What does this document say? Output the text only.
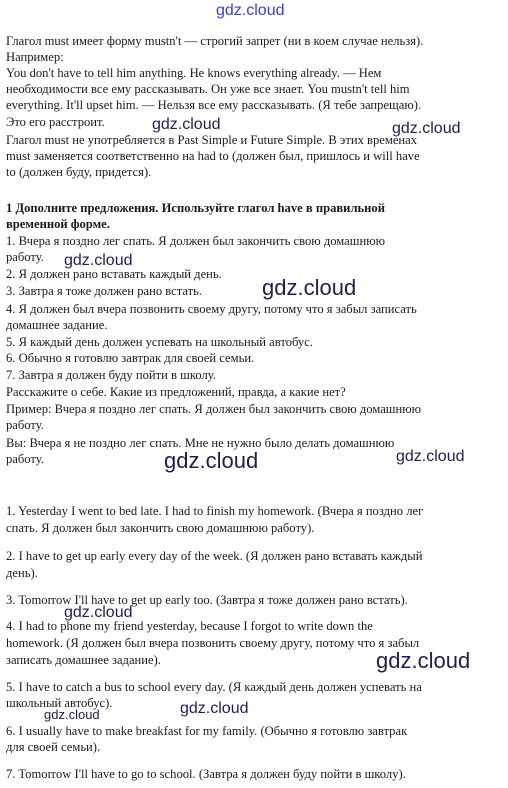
gdz.cloud
Глагол must имеет форму mustn't — строгий запрет (ни в коем случае нельзя).
Например:
You don't have to tell him anything. He knows everything already. — Нем
необходимости все ему рассказывать. Он уже все знает. You mustn't tell him
everything. It'll upset him. — Нельзя все ему рассказывать. (Я тебе запрещаю).
Это его расстроит.
Глагол must не употребляется в Past Simple и Future Simple. В этих временах
must заменяется соответственно на had to (должен был, пришлось и will have
to (должен буду, придется).
1 Дополните предложения. Используйте глагол have в правильной
временной форме.
1. Вчера я поздно лег спать. Я должен был закончить свою домашнюю
работу.
2. Я должен рано вставать каждый день.
3. Завтра я тоже должен рано встать.
4. Я должен был вчера позвонить своему другу, потому что я забыл записать
домашнее задание.
5. Я каждый день должен успевать на школьный автобус.
6. Обычно я готовлю завтрак для своей семьи.
7. Завтра я должен буду пойти в школу.
Расскажите о себе. Какие из предложений, правда, а какие нет?
Пример: Вчера я поздно лег спать. Я должен был закончить свою домашнюю
работу.
Вы: Вчера я не поздно лег спать. Мне не нужно было делать домашнюю
работу.
1. Yesterday I went to bed late. I had to finish my homework. (Вчера я поздно лег
спать. Я должен был закончить свою домашнюю работу).
2. I have to get up early every day of the week. (Я должен рано вставать каждый
день).
3. Tomorrow I'll have to get up early too. (Завтра я тоже должен рано встать).
4. I had to phone my friend yesterday, because I forgot to write down the
homework. (Я должен был вчера позвонить своему другу, потому что я забыл
записать домашнее задание).
5. I have to catch a bus to school every day. (Я каждый день должен успевать на
школьный автобус).
6. I usually have to make breakfast for my family. (Обычно я готовлю завтрак
для своей семьи).
7. Tomorrow I'll have to go to school. (Завтра я должен буду пойти в школу).
gdz.cloud	gdz.cloud
gdz.cloud
gdz.cloud
gdz.cloud	gdz.cloud
gdz.cloud
gdz.cloud
gdz.cloud
gdz.cloud
